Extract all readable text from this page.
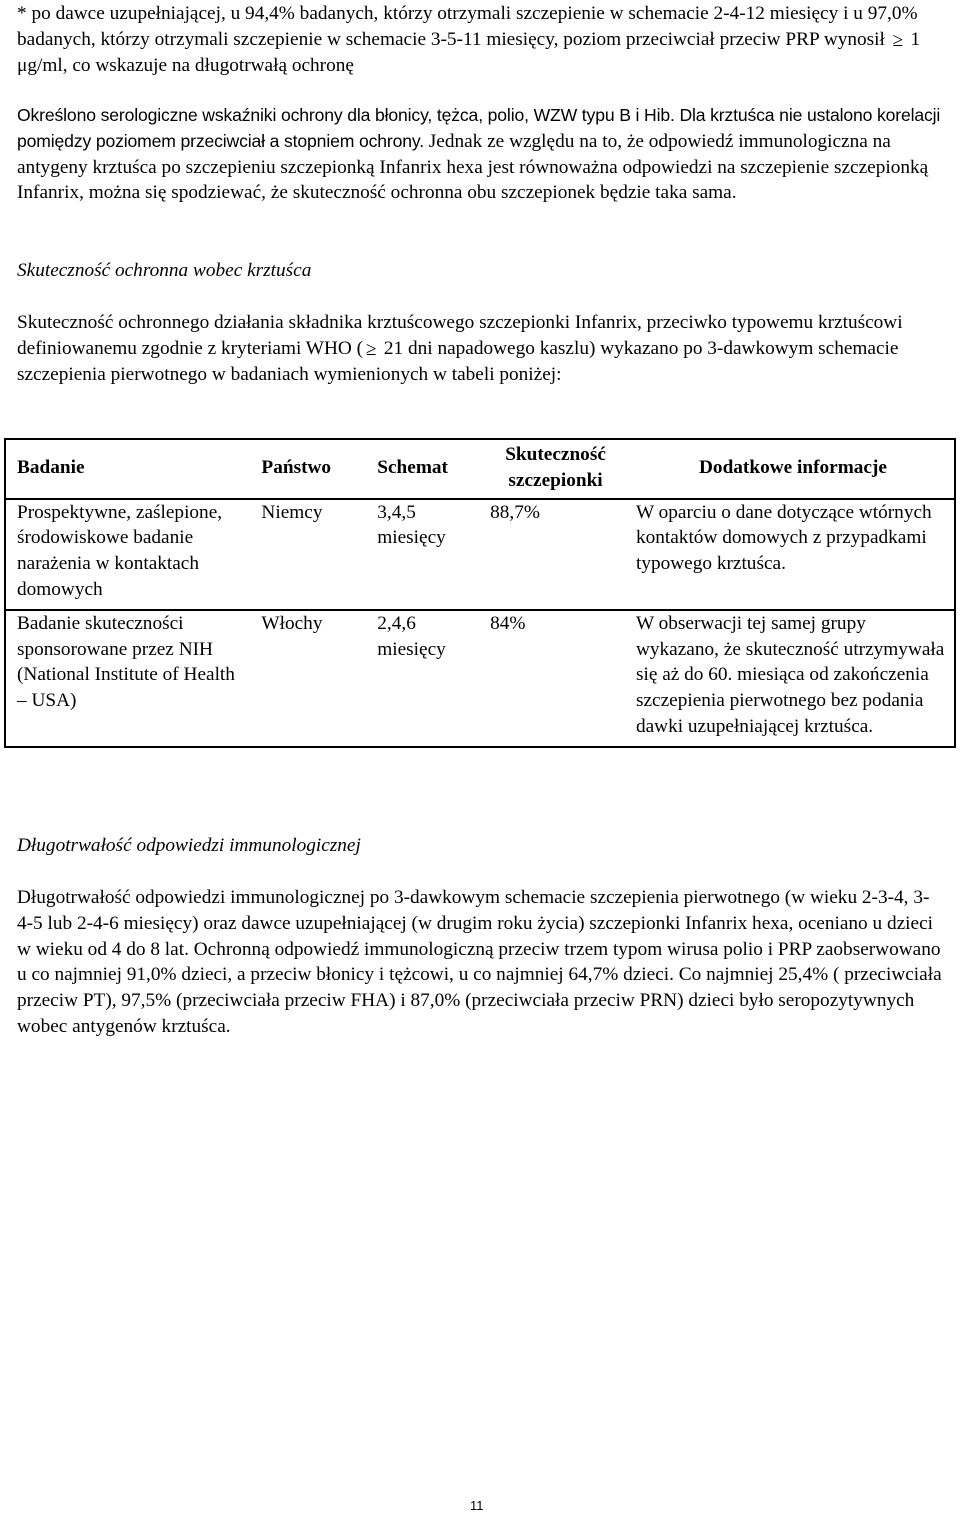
* po dawce uzupełniającej, u 94,4% badanych, którzy otrzymali szczepienie w schemacie 2-4-12 miesięcy i u 97,0% badanych, którzy otrzymali szczepienie w schemacie 3-5-11 miesięcy, poziom przeciwciał przeciw PRP wynosił ≥ 1 μg/ml, co wskazuje na długotrwałą ochronę

Określono serologiczne wskaźniki ochrony dla błonicy, tężca, polio, WZW typu B i Hib. Dla krztuśca nie ustalono korelacji pomiędzy poziomem przeciwciał a stopniem ochrony. Jednak ze względu na to, że odpowiedź immunologiczna na antygeny krztuśca po szczepieniu szczepionką Infanrix hexa jest równoważna odpowiedzi na szczepienie szczepionką Infanrix, można się spodziewać, że skuteczność ochronna obu szczepionek będzie taka sama.

Skuteczność ochronna wobec krztuśca

Skuteczność ochronnego działania składnika krztuścowego szczepionki Infanrix, przeciwko typowemu krztuścowi definiowanemu zgodnie z kryteriami WHO ( ≥ 21 dni napadowego kaszlu) wykazano po 3-dawkowym schemacie szczepienia pierwotnego w badaniach wymienionych w tabeli poniżej:

Badanie	Państwo	Schemat	Skuteczność szczepionki	Dodatkowe informacje
Prospektywne, zaślepione, środowiskowe badanie narażenia w kontaktach domowych	Niemcy	3,4,5 miesięcy	88,7%	W oparciu o dane dotyczące wtórnych kontaktów domowych z przypadkami typowego krztuśca.
Badanie skuteczności sponsorowane przez NIH (National Institute of Health – USA)	Włochy	2,4,6 miesięcy	84%	W obserwacji tej samej grupy wykazano, że skuteczność utrzymywała się aż do 60. miesiąca od zakończenia szczepienia pierwotnego bez podania dawki uzupełniającej krztuśca.

Długotrwałość odpowiedzi immunologicznej

Długotrwałość odpowiedzi immunologicznej po 3-dawkowym schemacie szczepienia pierwotnego (w wieku 2-3-4, 3-4-5 lub 2-4-6 miesięcy) oraz dawce uzupełniającej (w drugim roku życia) szczepionki Infanrix hexa, oceniano u dzieci w wieku od 4 do 8 lat. Ochronną odpowiedź immunologiczną przeciw trzem typom wirusa polio i PRP zaobserwowano u co najmniej 91,0% dzieci, a przeciw błonicy i tężcowi, u co najmniej 64,7% dzieci. Co najmniej 25,4% ( przeciwciała przeciw PT), 97,5% (przeciwciała przeciw FHA) i 87,0% (przeciwciała przeciw PRN) dzieci było seropozytywnych wobec antygenów krztuśca.

11
